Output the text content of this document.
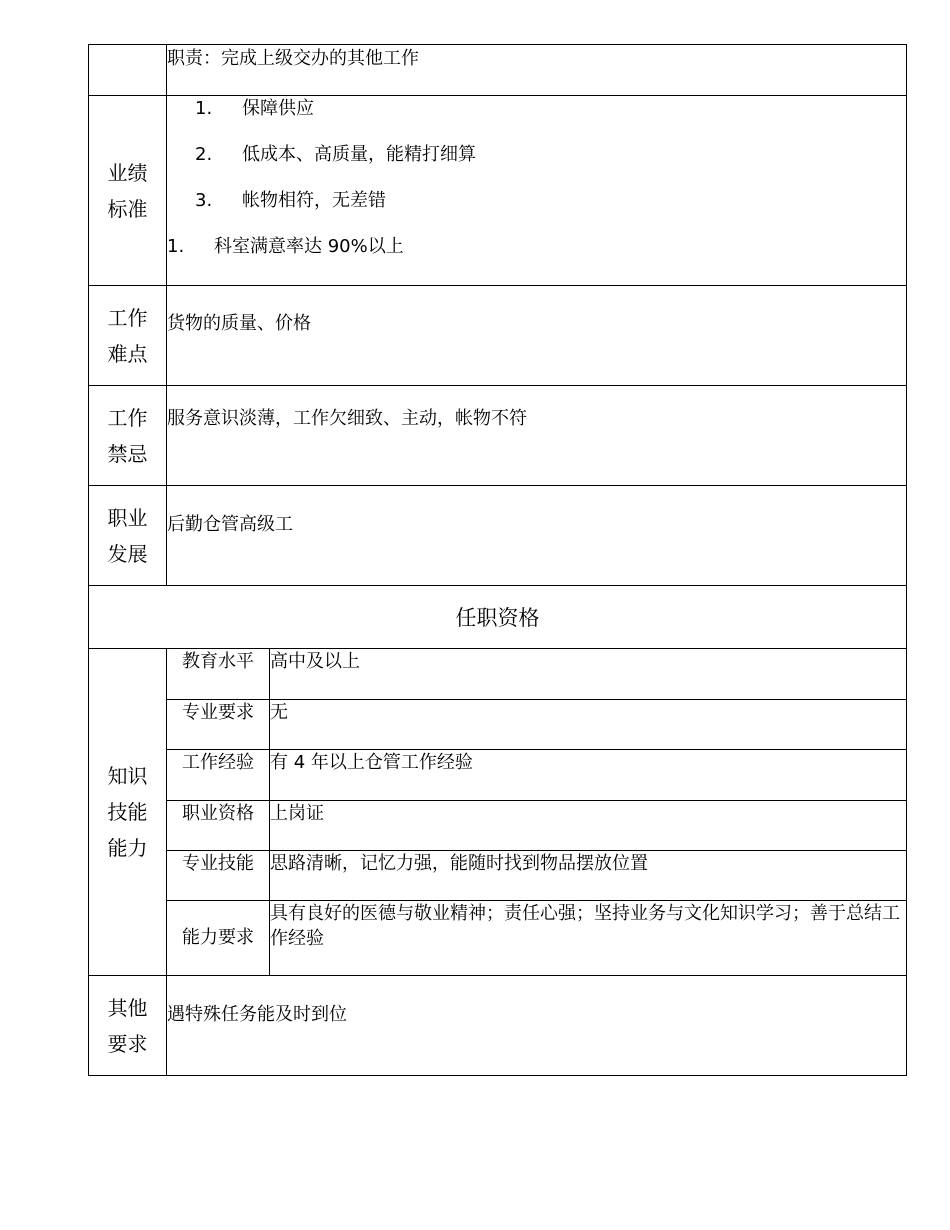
职责：完成上级交办的其他工作

业绩标准	
1. 保障供应
2. 低成本、高质量，能精打细算
3. 帐物相符，无差错
1. 科室满意率达 90%以上

工作难点	
货物的质量、价格

工作禁忌	
服务意识淡薄，工作欠细致、主动，帐物不符

职业发展	
后勤仓管高级工

任职资格
知识技能能力	
教育水平	高中及以上
专业要求	无
工作经验	有 4 年以上仓管工作经验
职业资格	上岗证
专业技能	思路清晰，记忆力强，能随时找到物品摆放位置
能力要求	具有良好的医德与敬业精神；责任心强；坚持业务与文化知识学习；善于总结工作经验

其他要求	
遇特殊任务能及时到位
